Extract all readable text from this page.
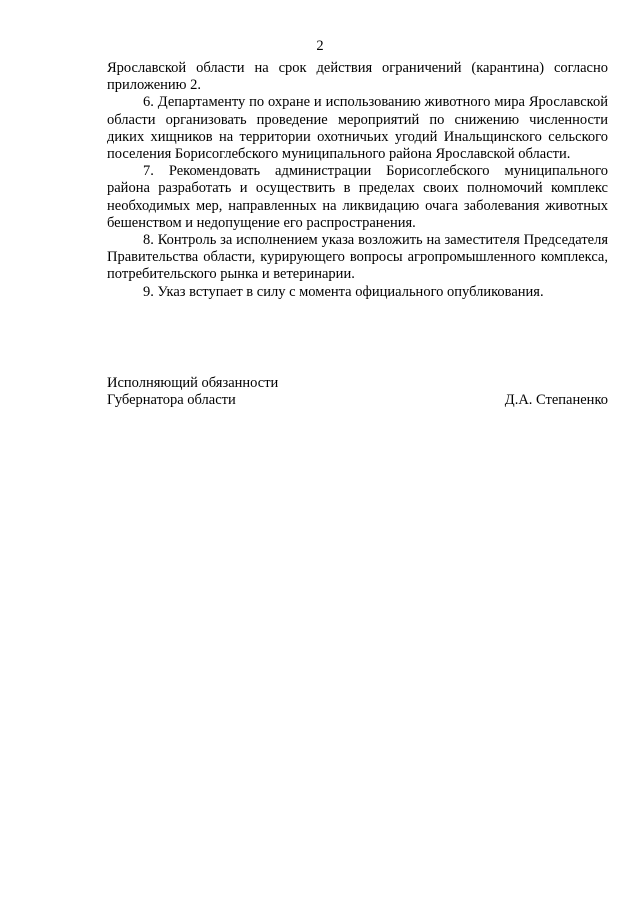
2

Ярославской области на срок действия ограничений (карантина) согласно приложению 2.

6. Департаменту по охране и использованию животного мира Ярославской области организовать проведение мероприятий по снижению численности диких хищников на территории охотничьих угодий Инальщинского сельского поселения Борисоглебского муниципального района Ярославской области.

7. Рекомендовать администрации Борисоглебского муниципального района разработать и осуществить в пределах своих полномочий комплекс необходимых мер, направленных на ликвидацию очага заболевания животных бешенством и недопущение его распространения.

8. Контроль за исполнением указа возложить на заместителя Председателя Правительства области, курирующего вопросы агропромышленного комплекса, потребительского рынка и ветеринарии.

9. Указ вступает в силу с момента официального опубликования.

Исполняющий обязанности

Губернатора области	Д.А. Степаненко
